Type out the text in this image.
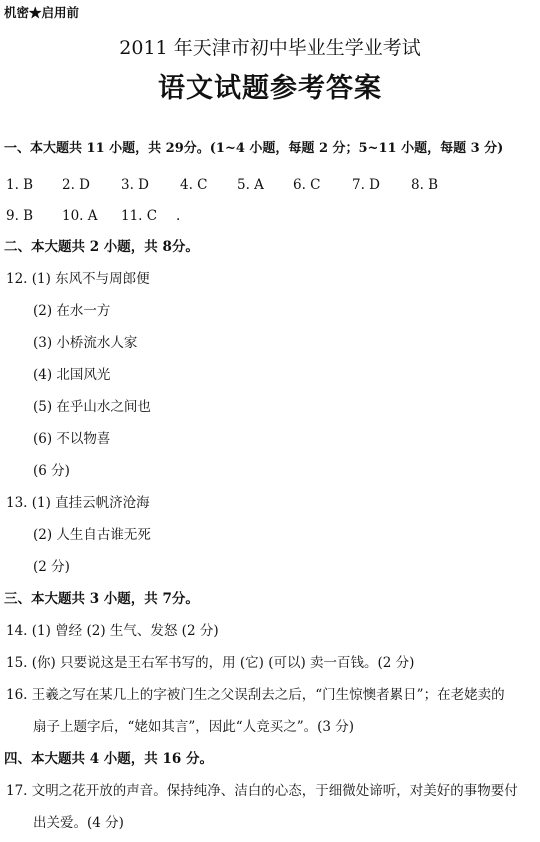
机密★启用前
2011 年天津市初中毕业生学业考试
语文试题参考答案
一、本大题共 11 小题，共 29分。(1~4 小题，每题 2 分；5~11 小题，每题 3 分)
1. B 2. D 3. D 4. C 5. A 6. C 7. D 8. B
9. B 10. A 11. C .
二、本大题共 2 小题，共 8分。
12. (1) 东风不与周郎便
(2) 在水一方
(3) 小桥流水人家
(4) 北国风光
(5) 在乎山水之间也
(6) 不以物喜
(6 分)
13. (1) 直挂云帆济沧海
(2) 人生自古谁无死
(2 分)
三、本大题共 3 小题，共 7分。
14. (1) 曾经 (2) 生气、发怒 (2 分)
15. (你) 只要说这是王右军书写的，用 (它) (可以) 卖一百钱。(2 分)
16. 王羲之写在某几上的字被门生之父误刮去之后，“门生惊懊者累日”；在老姥卖的
扇子上题字后，“姥如其言”，因此“人竞买之”。(3 分)
四、本大题共 4 小题，共 16 分。
17. 文明之花开放的声音。保持纯净、洁白的心态，于细微处谛听，对美好的事物要付
出关爱。(4 分)
